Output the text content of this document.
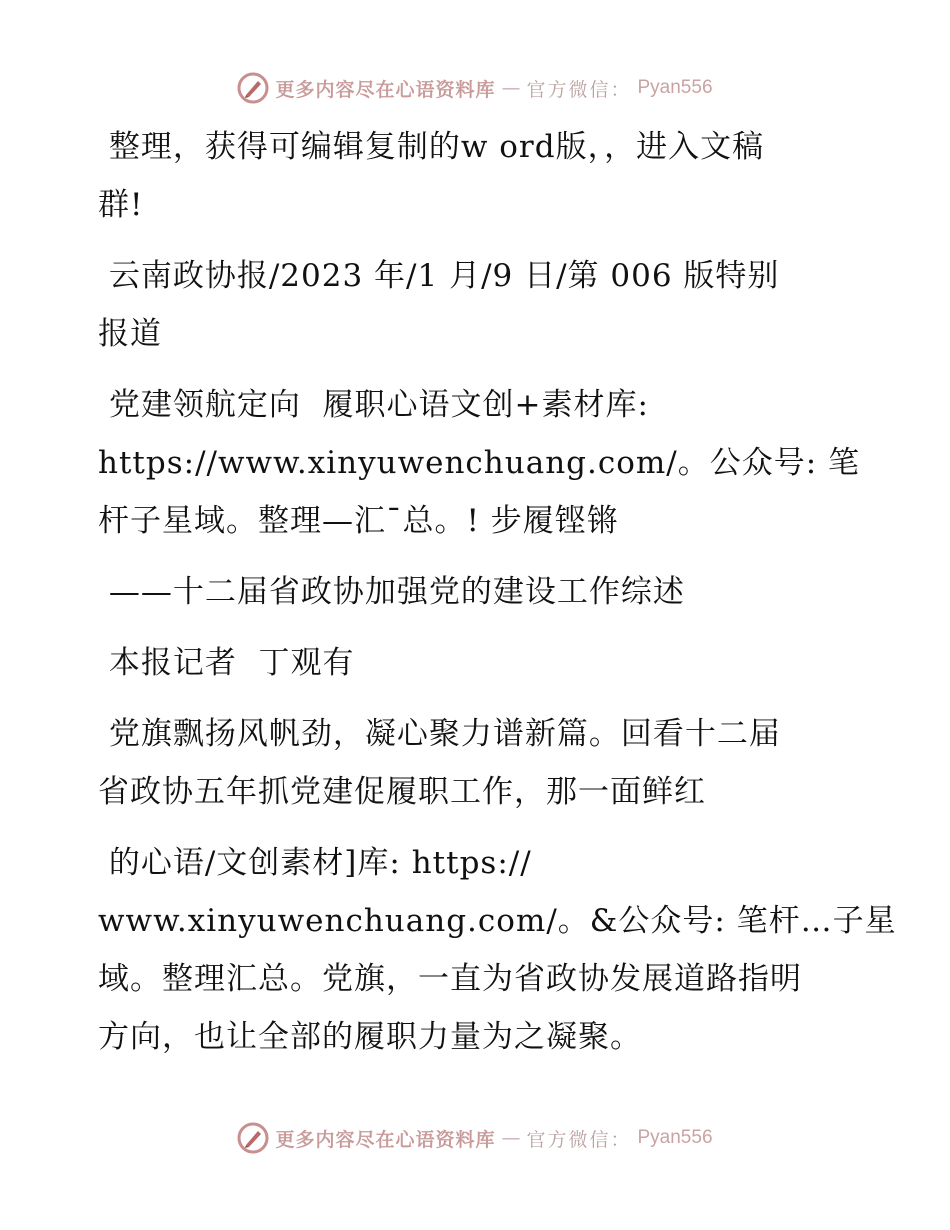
更多内容尽在心语资料库 — 官方微信： Pyan556
整理，获得可编辑复制的w ord版，，进入文稿
群!
云南政协报/2023 年/1 月/9 日/第 006 版特别
报道
党建领航定向  履职心语文创+素材库:
https://www.xinyuwenchuang.com/。公众号: 笔
杆子星域。整理—汇¯总。! 步履铿锵
——十二届省政协加强党的建设工作综述
本报记者  丁观有
党旗飘扬风帆劲，凝心聚力谱新篇。回看十二届
省政协五年抓党建促履职工作，那一面鲜红
的心语/文创素材]库: https://
www.xinyuwenchuang.com/。&公众号: 笔杆…子星
域。整理汇总。党旗，一直为省政协发展道路指明
方向，也让全部的履职力量为之凝聚。
更多内容尽在心语资料库 — 官方微信： Pyan556
